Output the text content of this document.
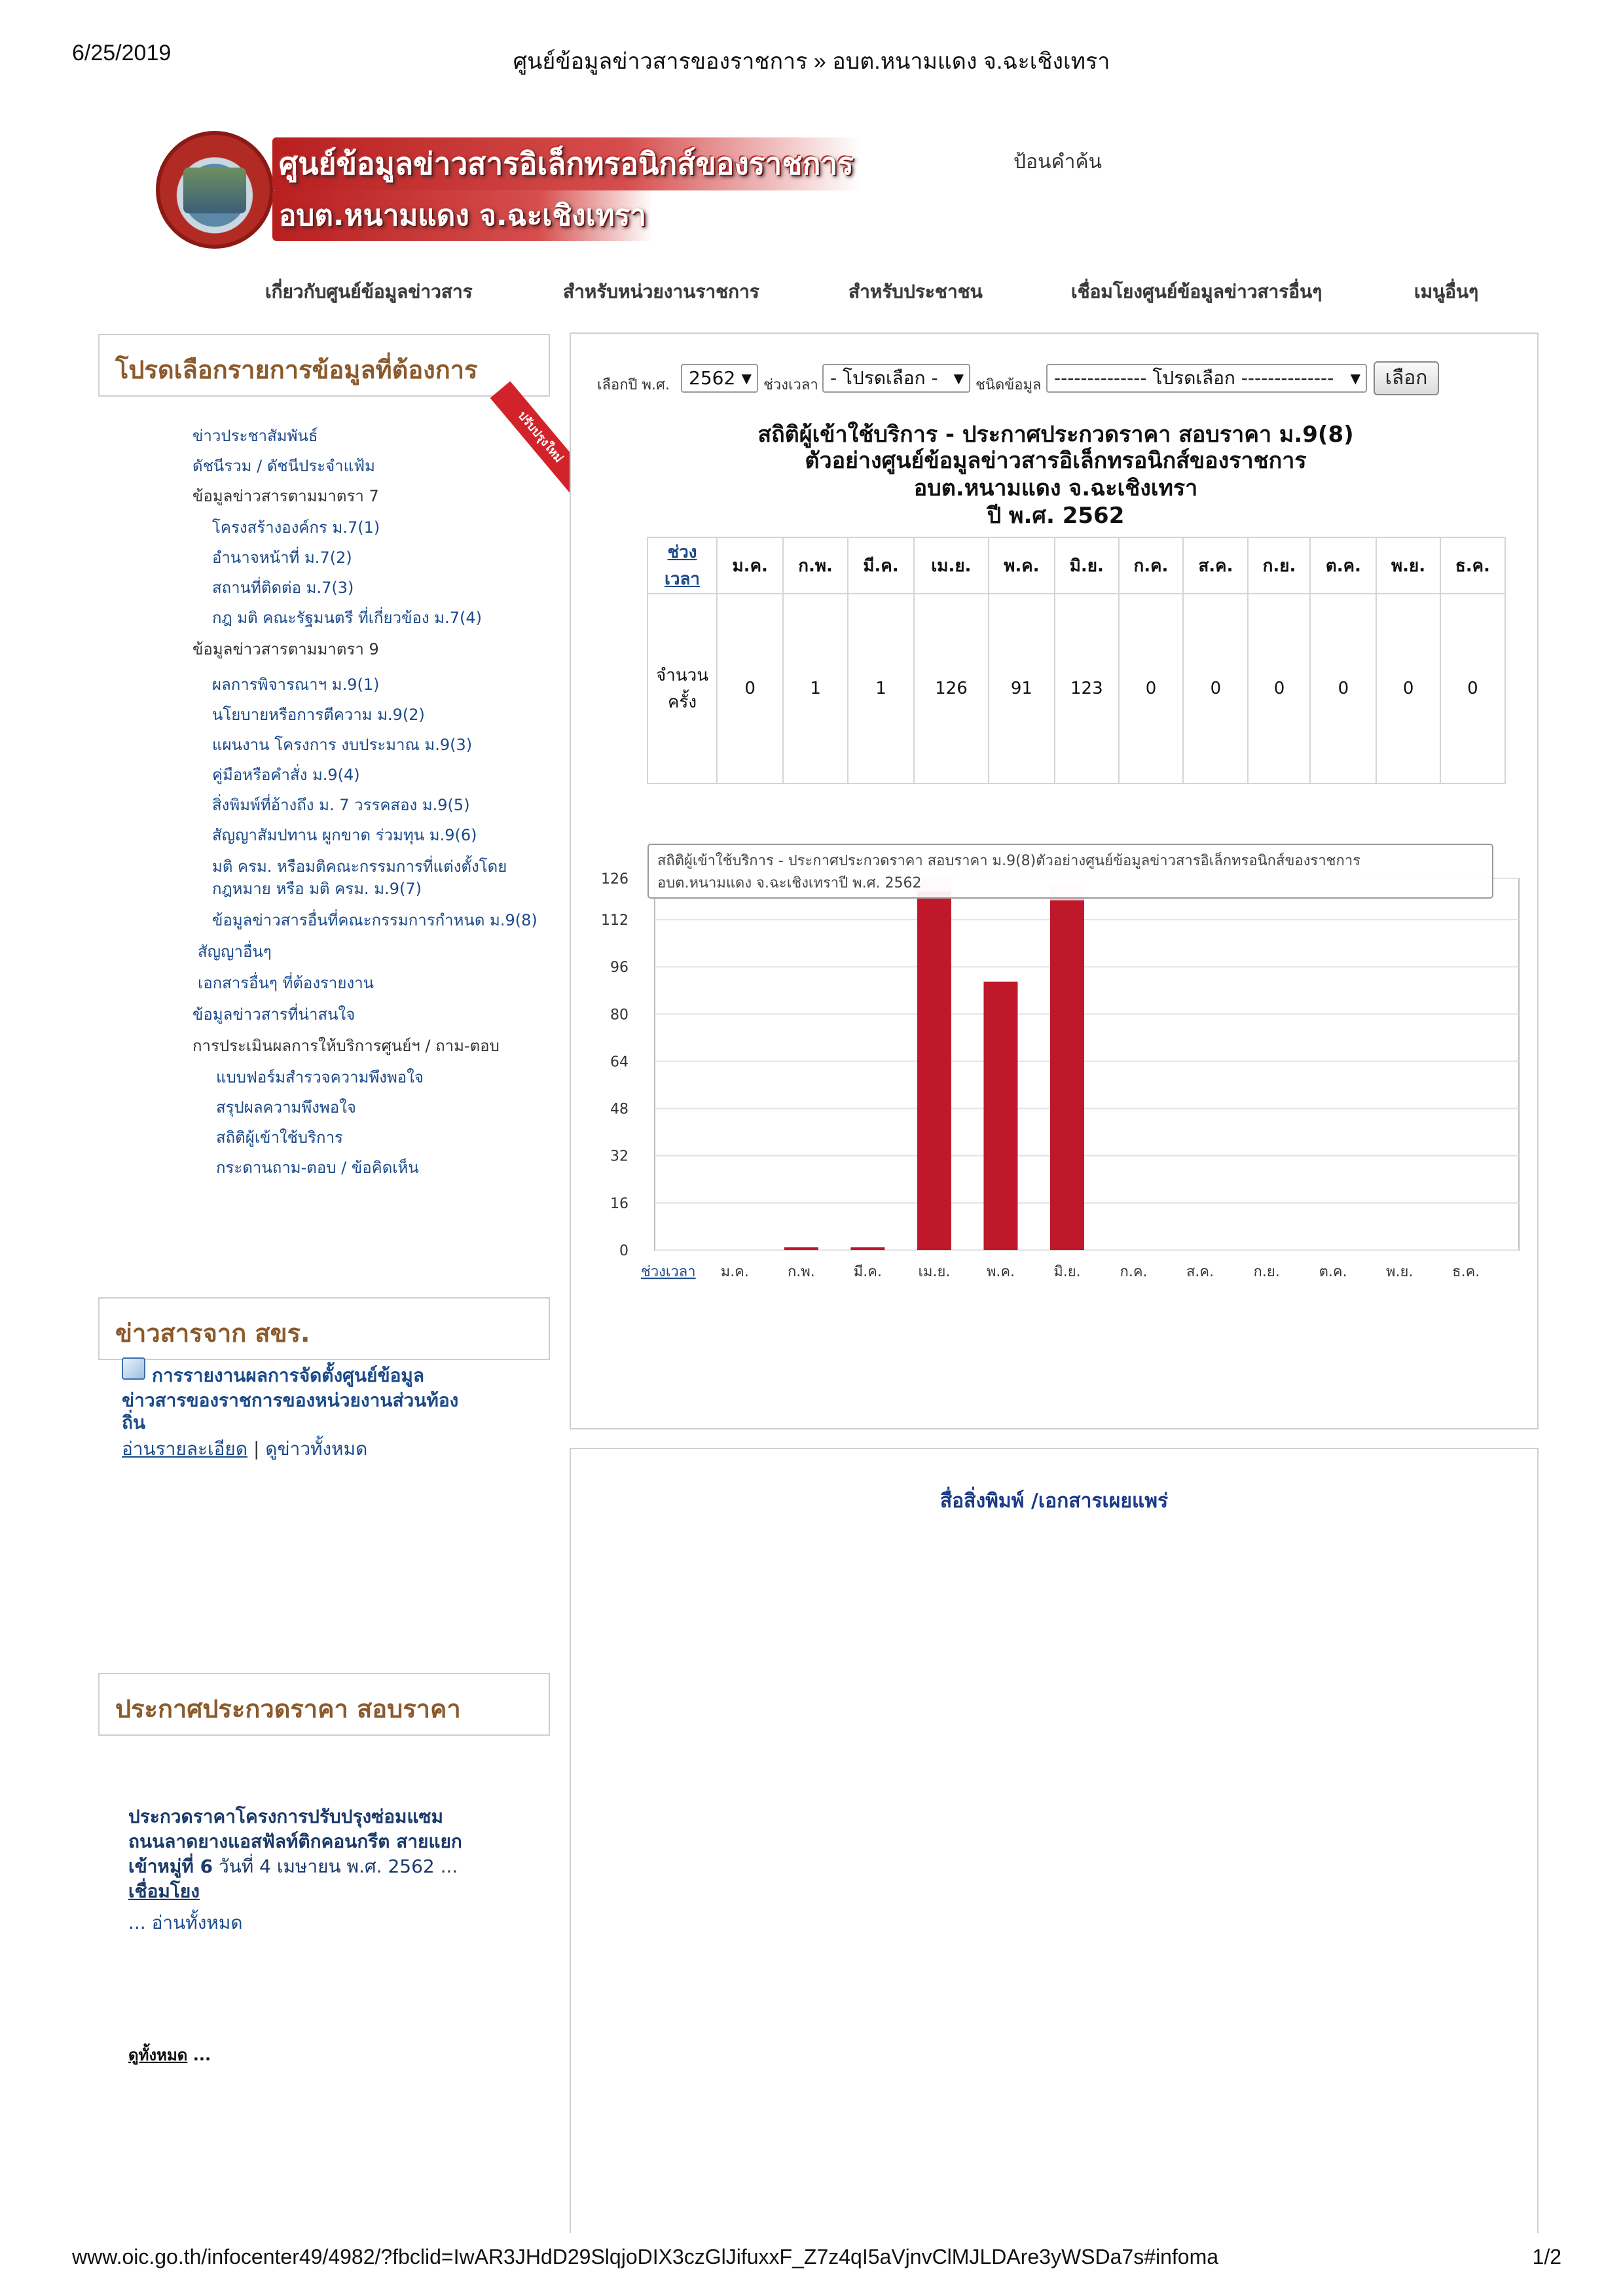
6/25/2019	ศูนย์ข้อมูลข่าวสารของราชการ » อบต.หนามแดง จ.ฉะเชิงเทรา
ศูนย์ข้อมูลข่าวสารอิเล็กทรอนิกส์ของราชการ
อบต.หนามแดง จ.ฉะเชิงเทรา
ป้อนคำค้น
เกี่ยวกับศูนย์ข้อมูลข่าวสาร	สำหรับหน่วยงานราชการ	สำหรับประชาชน	เชื่อมโยงศูนย์ข้อมูลข่าวสารอื่นๆ	เมนูอื่นๆ
โปรดเลือกรายการข้อมูลที่ต้องการ
ปรับปรุงใหม่
ข่าวประชาสัมพันธ์
ดัชนีรวม / ดัชนีประจำแฟ้ม
ข้อมูลข่าวสารตามมาตรา 7
โครงสร้างองค์กร ม.7(1)
อำนาจหน้าที่ ม.7(2)
สถานที่ติดต่อ ม.7(3)
กฎ มติ คณะรัฐมนตรี ที่เกี่ยวข้อง ม.7(4)
ข้อมูลข่าวสารตามมาตรา 9
ผลการพิจารณาฯ ม.9(1)
นโยบายหรือการตีความ ม.9(2)
แผนงาน โครงการ งบประมาณ ม.9(3)
คู่มือหรือคำสั่ง ม.9(4)
สิ่งพิมพ์ที่อ้างถึง ม. 7 วรรคสอง ม.9(5)
สัญญาสัมปทาน ผูกขาด ร่วมทุน ม.9(6)
มติ ครม. หรือมติคณะกรรมการที่แต่งตั้งโดย
กฎหมาย หรือ มติ ครม. ม.9(7)
ข้อมูลข่าวสารอื่นที่คณะกรรมการกำหนด ม.9(8)
สัญญาอื่นๆ
เอกสารอื่นๆ ที่ต้องรายงาน
ข้อมูลข่าวสารที่น่าสนใจ
การประเมินผลการให้บริการศูนย์ฯ / ถาม-ตอบ
แบบฟอร์มสำรวจความพึงพอใจ
สรุปผลความพึงพอใจ
สถิติผู้เข้าใช้บริการ
กระดานถาม-ตอบ / ข้อคิดเห็น
ข่าวสารจาก สขร.
การรายงานผลการจัดตั้งศูนย์ข้อมูล
ข่าวสารของราชการของหน่วยงานส่วนท้อง
ถิ่น
อ่านรายละเอียด | ดูข่าวทั้งหมด
ประกาศประกวดราคา สอบราคา
ประกวดราคาโครงการปรับปรุงซ่อมแซม
ถนนลาดยางแอสฟัลท์ติกคอนกรีต สายแยก
เข้าหมู่ที่ 6 วันที่ 4 เมษายน พ.ศ. 2562 ...
เชื่อมโยง
... อ่านทั้งหมด
ดูทั้งหมด ...
เลือกปี พ.ศ.	2562 ▼ ช่วงเวลา - โปรดเลือก - ▼ ชนิดข้อมูล -------------- โปรดเลือก -------------- ▼	เลือก
สถิติผู้เข้าใช้บริการ - ประกาศประกวดราคา สอบราคา ม.9(8)
ตัวอย่างศูนย์ข้อมูลข่าวสารอิเล็กทรอนิกส์ของราชการ
อบต.หนามแดง จ.ฉะเชิงเทรา
ปี พ.ศ. 2562
ช่วง
เวลา	ม.ค.	ก.พ.	มี.ค.	เม.ย.	พ.ค.	มิ.ย.	ก.ค.	ส.ค.	ก.ย.	ต.ค.	พ.ย.	ธ.ค.

จำนวน
ครั้ง	0	1	1	126	91	123	0	0	0	0	0	0
0
16
32
48
64
80
96
112
126
ช่วงเวลา ม.ค.	ก.พ.	มี.ค.	เม.ย.	พ.ค.	มิ.ย.	ก.ค.	ส.ค.	ก.ย.	ต.ค.	พ.ย.	ธ.ค.
สถิติผู้เข้าใช้บริการ - ประกาศประกวดราคา สอบราคา ม.9(8)ตัวอย่างศูนย์ข้อมูลข่าวสารอิเล็กทรอนิกส์ของราชการ
อบต.หนามแดง จ.ฉะเชิงเทราปี พ.ศ. 2562
สื่อสิ่งพิมพ์ /เอกสารเผยแพร่
www.oic.go.th/infocenter49/4982/?fbclid=IwAR3JHdD29SlqjoDIX3czGlJifuxxF_Z7z4qI5aVjnvClMJLDAre3yWSDa7s#infoma	1/2
